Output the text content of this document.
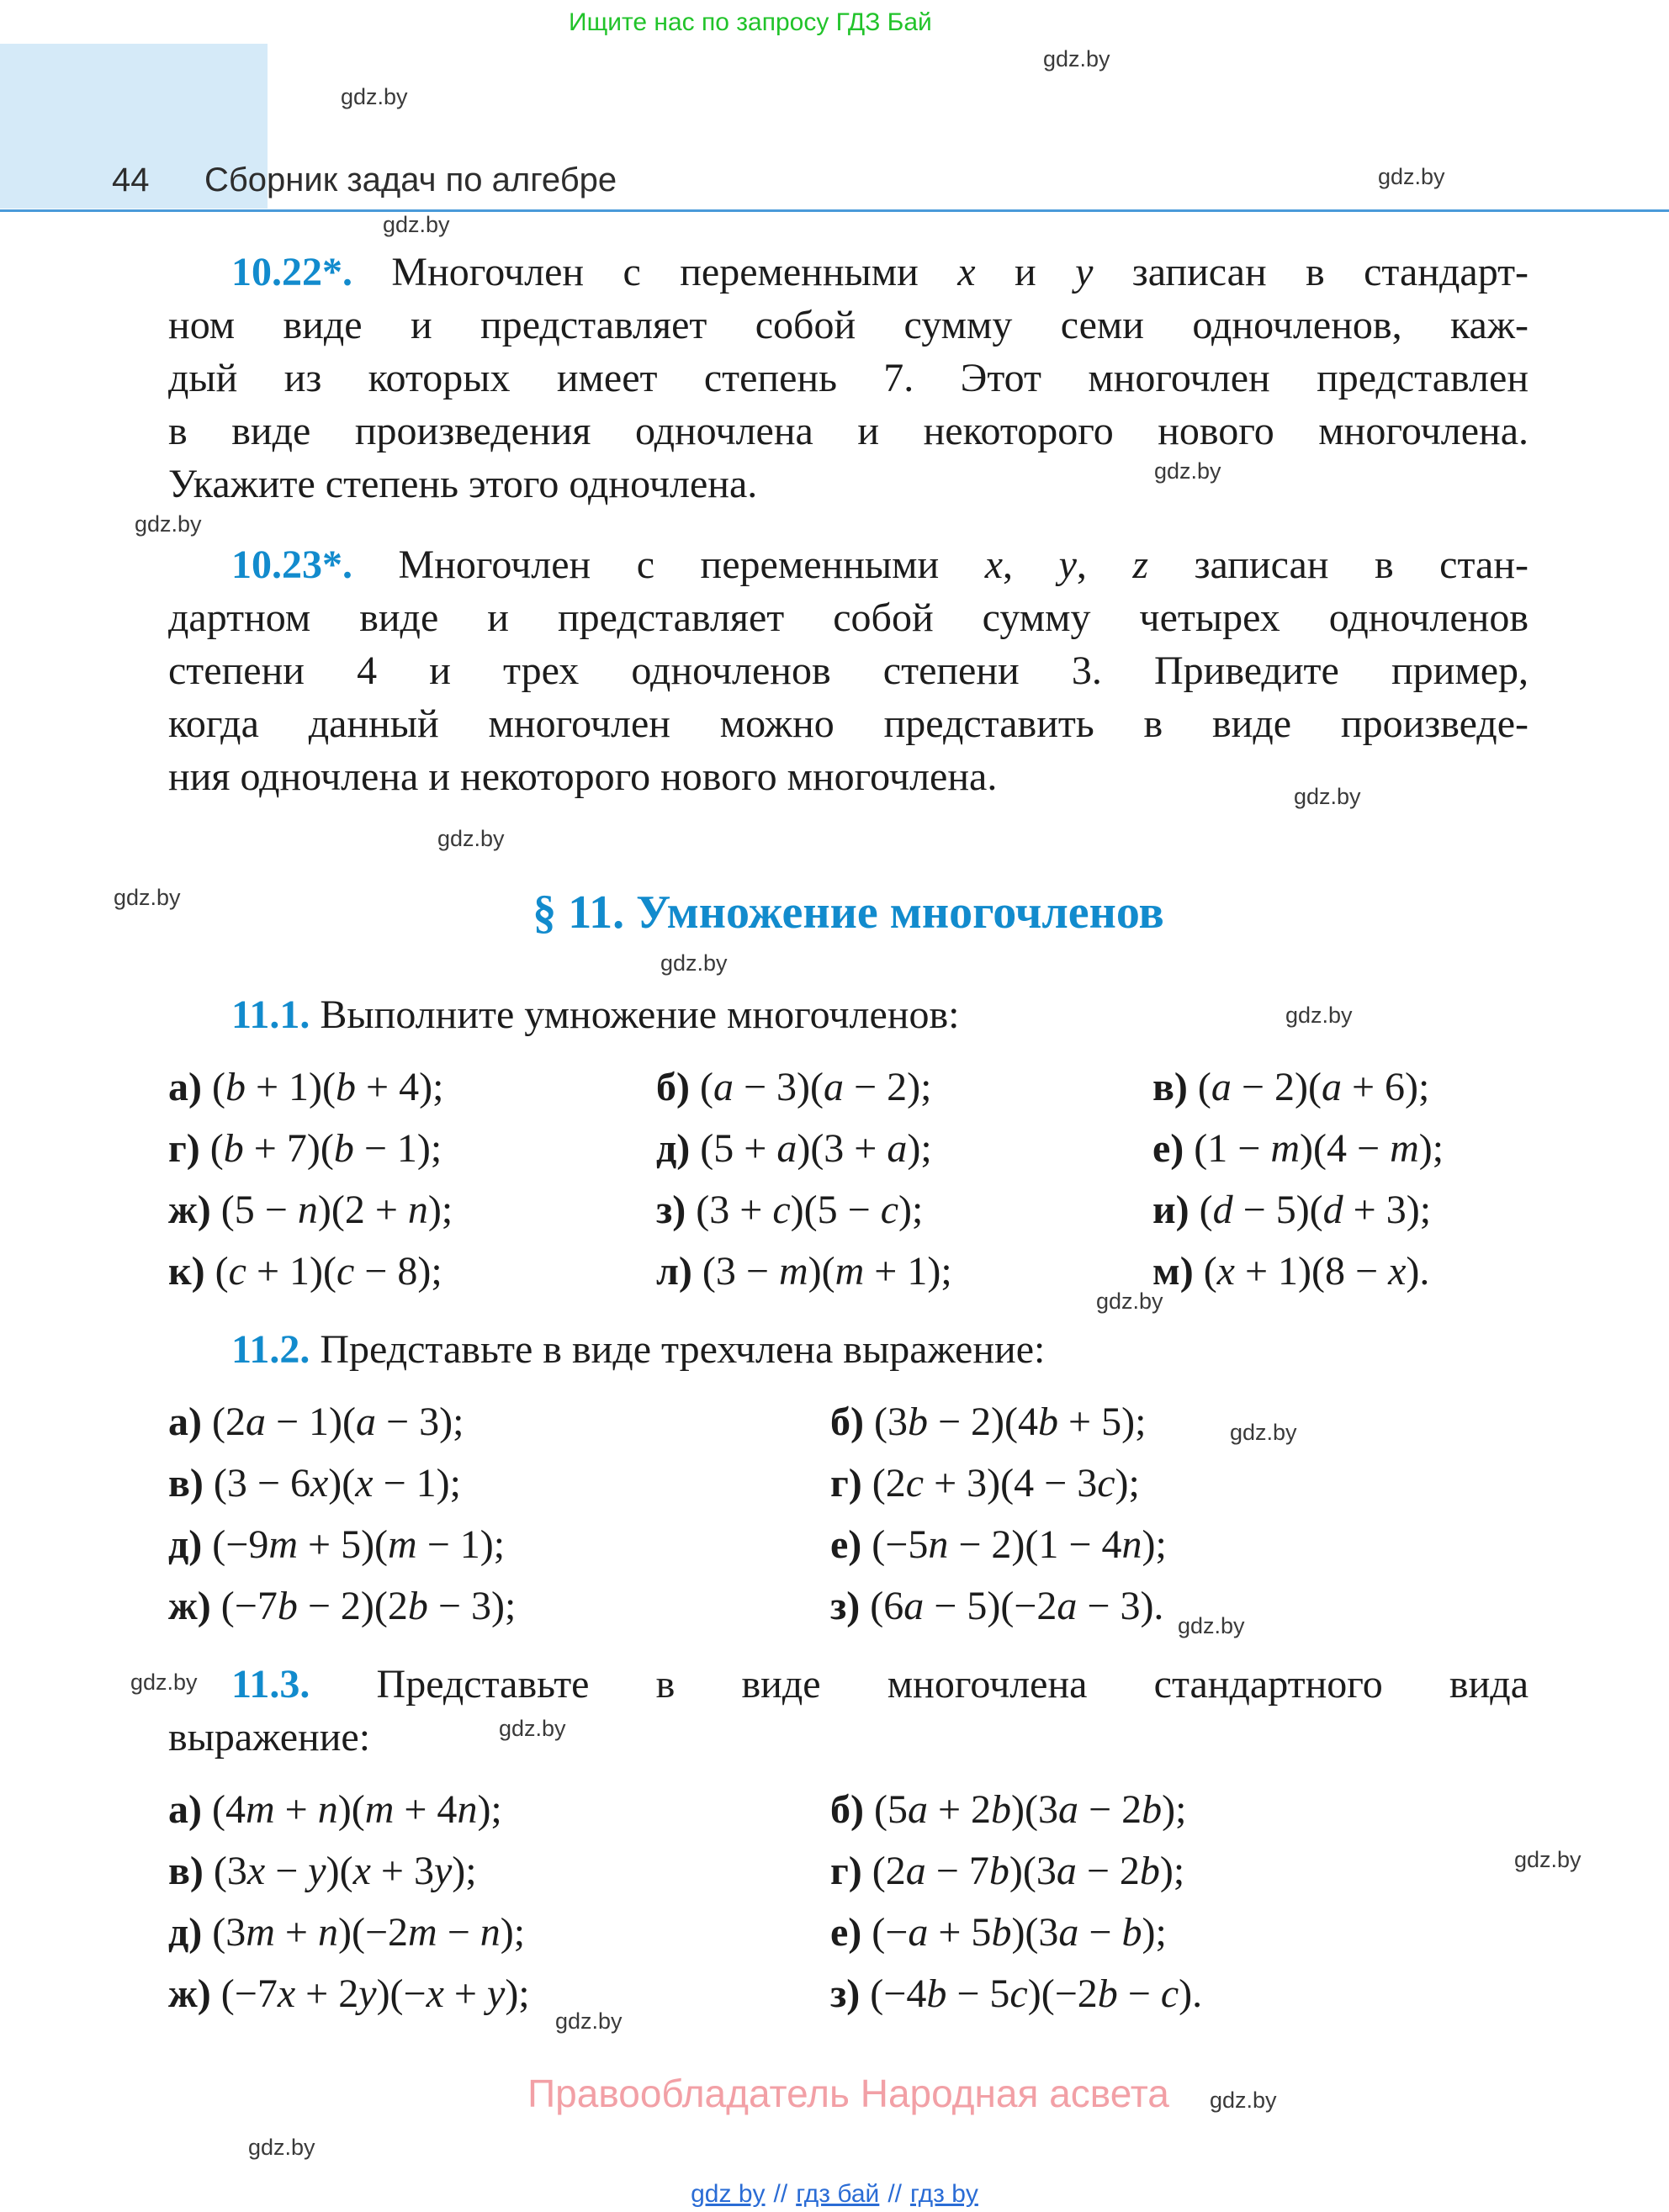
Ищите нас по запросу ГДЗ Бай
gdz.by
gdz.by
gdz.by
gdz.by
gdz.by
gdz.by
gdz.by
gdz.by
gdz.by
gdz.by
gdz.by
gdz.by
gdz.by
gdz.by
gdz.by
gdz.by
gdz.by
gdz.by
gdz.by
gdz.by
44 Сборник задач по алгебре
10.22*. Многочлен с переменными x и y записан в стандарт-
ном виде и представляет собой сумму семи одночленов, каж-
дый из которых имеет степень 7. Этот многочлен представлен
в виде произведения одночлена и некоторого нового многочлена.
Укажите степень этого одночлена.
10.23*. Многочлен с переменными x, y, z записан в стан-
дартном виде и представляет собой сумму четырех одночленов
степени 4 и трех одночленов степени 3. Приведите пример,
когда данный многочлен можно представить в виде произведе-
ния одночлена и некоторого нового многочлена.
§ 11. Умножение многочленов
11.1. Выполните умножение многочленов:
а) (b + 1)(b + 4);	б) (a − 3)(a − 2);	в) (a − 2)(a + 6);
г) (b + 7)(b − 1);	д) (5 + a)(3 + a);	е) (1 − m)(4 − m);
ж) (5 − n)(2 + n);	з) (3 + c)(5 − c);	и) (d − 5)(d + 3);
к) (c + 1)(c − 8);	л) (3 − m)(m + 1);	м) (x + 1)(8 − x).
11.2. Представьте в виде трехчлена выражение:
а) (2a − 1)(a − 3);	б) (3b − 2)(4b + 5);
в) (3 − 6x)(x − 1);	г) (2c + 3)(4 − 3c);
д) (−9m + 5)(m − 1);	е) (−5n − 2)(1 − 4n);
ж) (−7b − 2)(2b − 3);	з) (6a − 5)(−2a − 3).
11.3. Представьте в виде многочлена стандартного вида
выражение:
а) (4m + n)(m + 4n);	б) (5a + 2b)(3a − 2b);
в) (3x − y)(x + 3y);	г) (2a − 7b)(3a − 2b);
д) (3m + n)(−2m − n);	е) (−a + 5b)(3a − b);
ж) (−7x + 2y)(−x + y);	з) (−4b − 5c)(−2b − c).
Правообладатель Народная асвета
gdz by // гдз бай // гдз by
